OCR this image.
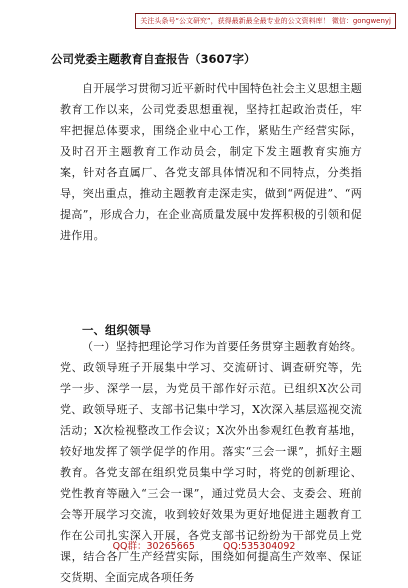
关注头条号“公文研究”，获得最新最全最专业的公文资料库！ 微信：gongwenyj
公司党委主题教育自查报告（3607字）

自开展学习贯彻习近平新时代中国特色社会主义思想主题教育工作以来，公司党委思想重视，坚持扛起政治责任，牢牢把握总体要求，围绕企业中心工作，紧贴生产经营实际，及时召开主题教育工作动员会，制定下发主题教育实施方案，针对各直属厂、各党支部具体情况和不同特点，分类指导，突出重点，推动主题教育走深走实，做到“两促进”、“两提高”，形成合力，在企业高质量发展中发挥积极的引领和促进作用。

一、组织领导

（一）坚持把理论学习作为首要任务贯穿主题教育始终。党、政领导班子开展集中学习、交流研讨、调查研究等，先学一步、深学一层，为党员干部作好示范。已组织X次公司党、政领导班子、支部书记集中学习，X次深入基层巡视交流活动；X次检视整改工作会议；X次外出参观红色教育基地，较好地发挥了领学促学的作用。落实“三会一课”，抓好主题教育。各党支部在组织党员集中学习时，将党的创新理论、党性教育等融入“三会一课”，通过党员大会、支委会、班前会等开展学习交流，收到较好效果为更好地促进主题教育工作在公司扎实深入开展，各党支部书记纷纷为干部党员上党课，结合各厂生产经营实际，围绕如何提高生产效率、保证交货期、全面完成各项任务

QQ群：30265665	QQ:535304092
